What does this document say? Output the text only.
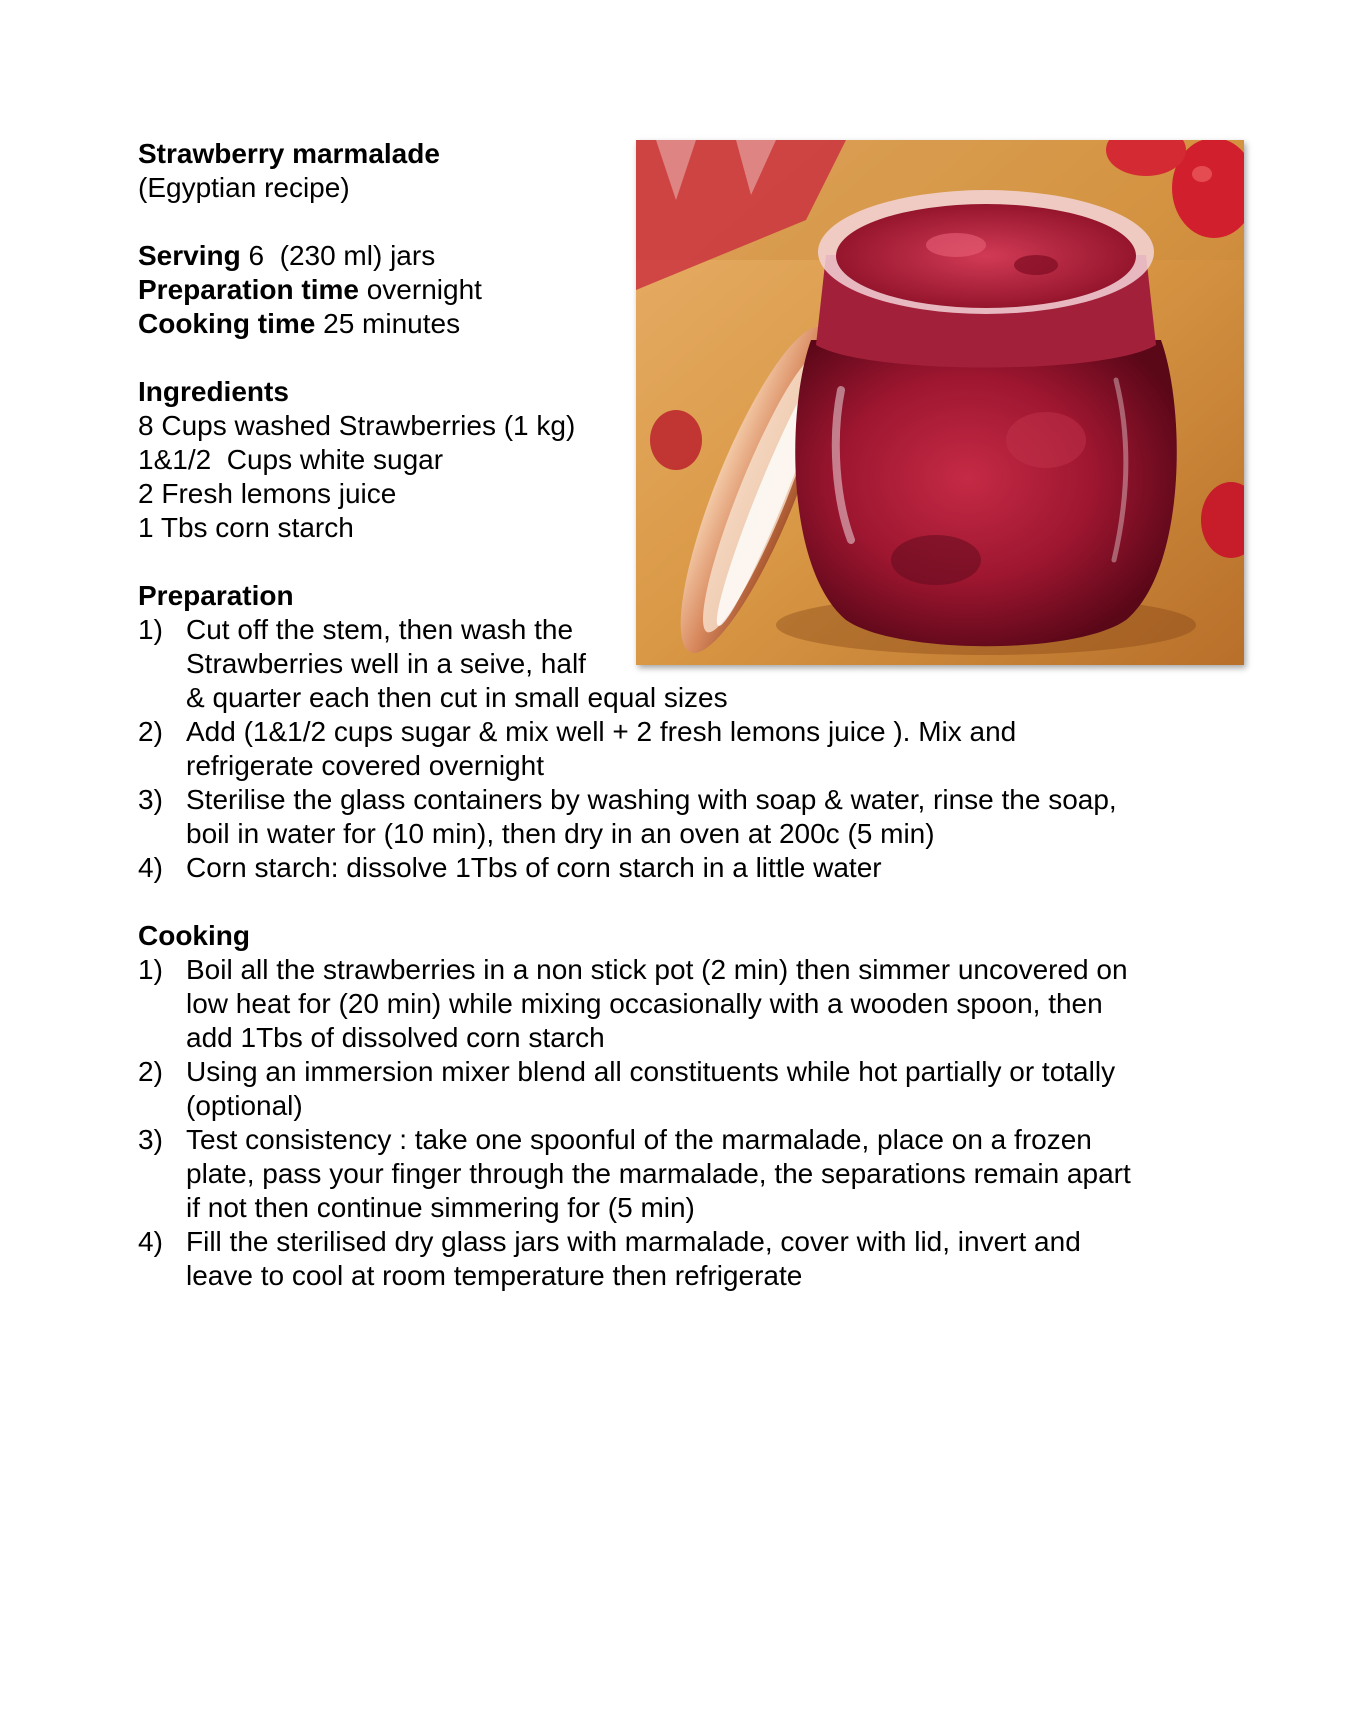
Strawberry marmalade
(Egyptian recipe)
Serving 6  (230 ml) jars
Preparation time overnight
Cooking time 25 minutes
Ingredients
8 Cups washed Strawberries (1 kg)
1&1/2  Cups white sugar
2 Fresh lemons juice
1 Tbs corn starch
Preparation
1) Cut off the stem, then wash the
Strawberries well in a seive, half
& quarter each then cut in small equal sizes
2) Add (1&1/2 cups sugar & mix well + 2 fresh lemons juice ). Mix and
refrigerate covered overnight
3) Sterilise the glass containers by washing with soap & water, rinse the soap,
boil in water for (10 min), then dry in an oven at 200c (5 min)
4) Corn starch: dissolve 1Tbs of corn starch in a little water
Cooking
1) Boil all the strawberries in a non stick pot (2 min) then simmer uncovered on
low heat for (20 min) while mixing occasionally with a wooden spoon, then
add 1Tbs of dissolved corn starch
2) Using an immersion mixer blend all constituents while hot partially or totally
(optional)
3) Test consistency : take one spoonful of the marmalade, place on a frozen
plate, pass your finger through the marmalade, the separations remain apart
if not then continue simmering for (5 min)
4) Fill the sterilised dry glass jars with marmalade, cover with lid, invert and
leave to cool at room temperature then refrigerate
